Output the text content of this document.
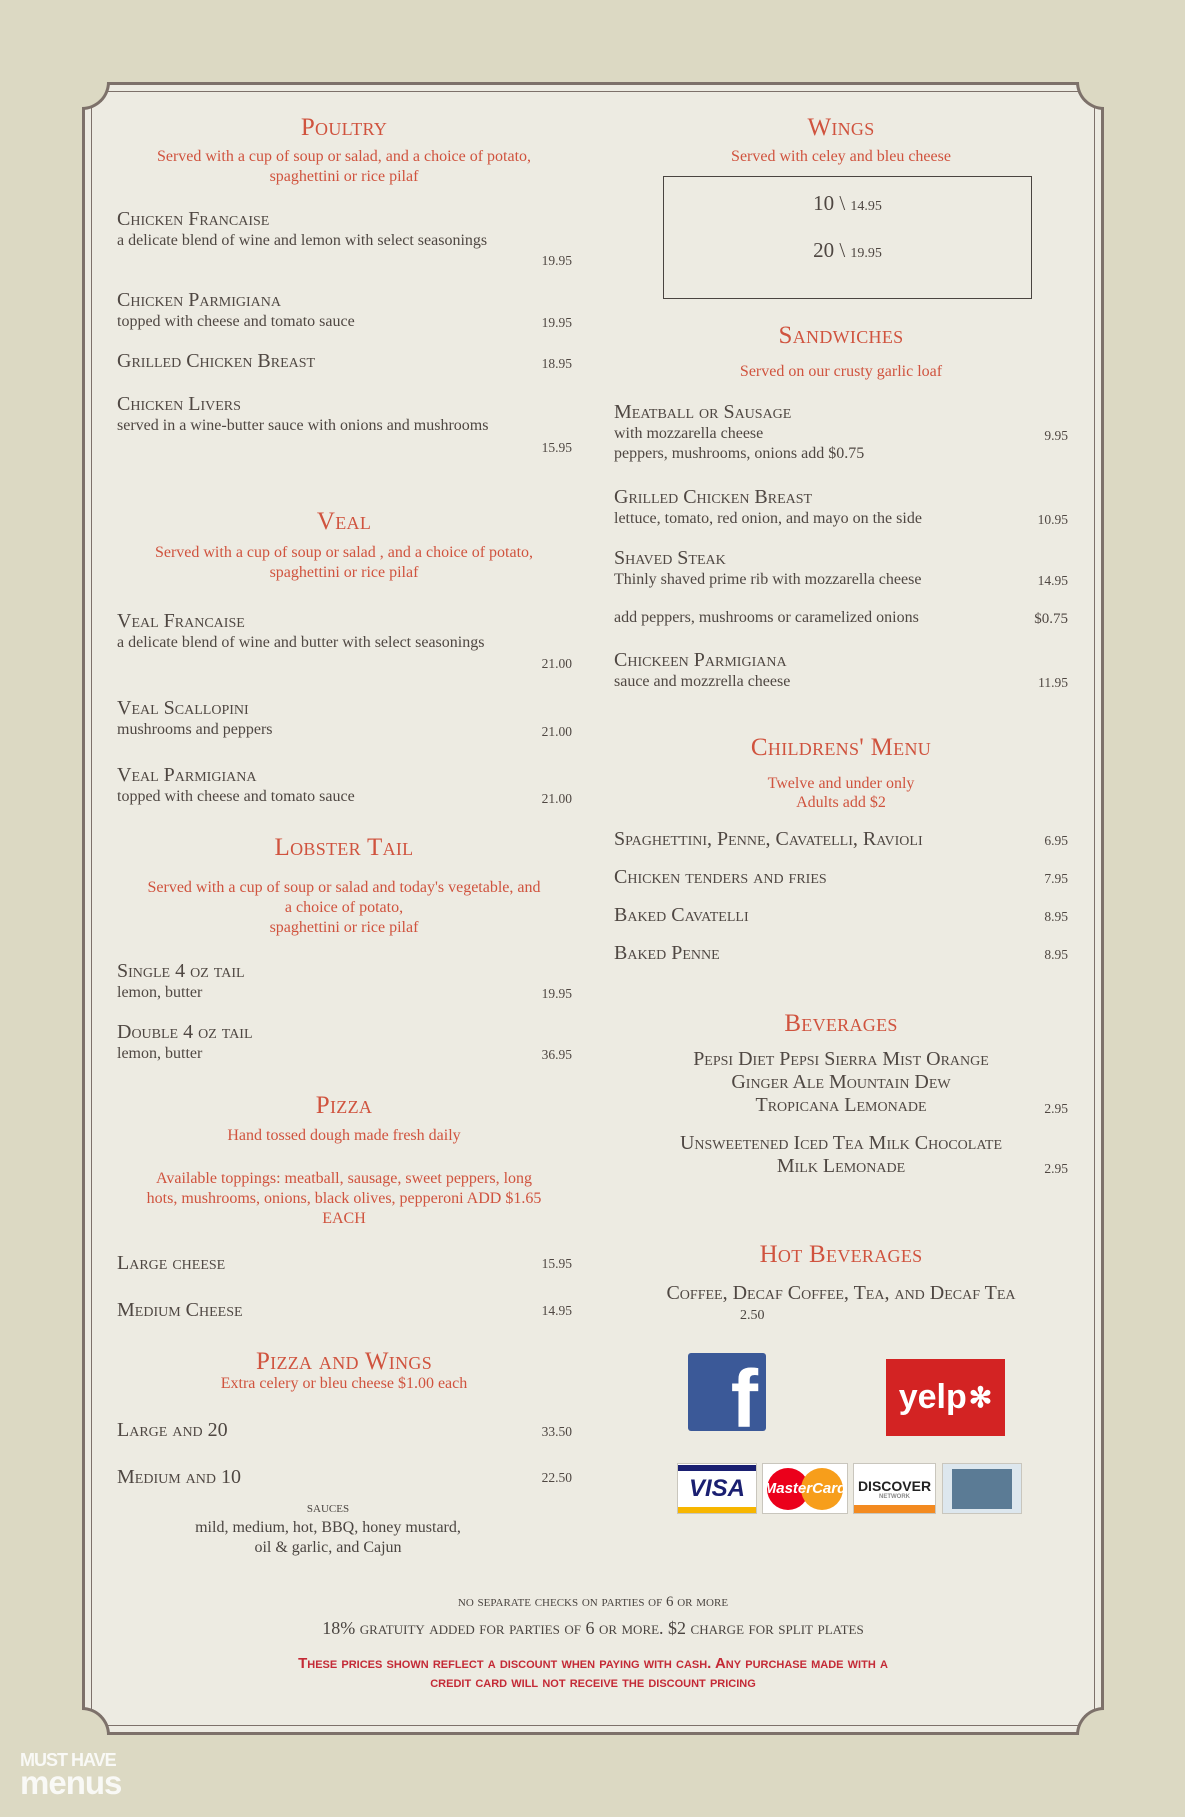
Poultry
Served with a cup of soup or salad, and a choice of potato,
spaghettini or rice pilaf
Chicken Francaise
a delicate blend of wine and lemon with select seasonings
19.95
Chicken Parmigiana
topped with cheese and tomato sauce	19.95
Grilled Chicken Breast	18.95
Chicken Livers
served in a wine-butter sauce with onions and mushrooms
15.95
Veal
Served with a cup of soup or salad , and a choice of potato,
spaghettini or rice pilaf
Veal Francaise
a delicate blend of wine and butter with select seasonings
21.00
Veal Scallopini
mushrooms and peppers	21.00
Veal Parmigiana
topped with cheese and tomato sauce	21.00
Lobster Tail
Served with a cup of soup or salad and today's vegetable, and
a choice of potato,
spaghettini or rice pilaf
Single 4 oz tail
lemon, butter	19.95
Double 4 oz tail
lemon, butter	36.95
Pizza
Hand tossed dough made fresh daily
Available toppings: meatball, sausage, sweet peppers, long
hots, mushrooms, onions, black olives, pepperoni ADD $1.65
EACH
Large cheese	15.95
Medium Cheese	14.95
Pizza and Wings
Extra celery or bleu cheese $1.00 each
Large and 20	33.50
Medium and 10	22.50
sauces
mild, medium, hot, BBQ, honey mustard,
oil & garlic, and Cajun
Wings
Served with celey and bleu cheese
10 \ 14.95
20 \ 19.95
Sandwiches
Served on our crusty garlic loaf
Meatball or Sausage
with mozzarella cheese
peppers, mushrooms, onions add $0.75
9.95
Grilled Chicken Breast
lettuce, tomato, red onion, and mayo on the side	10.95
Shaved Steak
Thinly shaved prime rib with mozzarella cheese	14.95
add peppers, mushrooms or caramelized onions	$0.75
Chickeen Parmigiana
sauce and mozzrella cheese	11.95
Childrens' Menu
Twelve and under only
Adults add $2
Spaghettini, Penne, Cavatelli, Ravioli	6.95
Chicken tenders and fries	7.95
Baked Cavatelli	8.95
Baked Penne	8.95
Beverages
Pepsi Diet Pepsi Sierra Mist Orange
Ginger Ale Mountain Dew
Tropicana Lemonade	2.95
Unsweetened Iced Tea Milk Chocolate
Milk Lemonade	2.95
Hot Beverages
Coffee, Decaf Coffee, Tea, and Decaf Tea
2.50
f	yelp ✻
VISA MasterCard DISCOVER
NETWORK
no separate checks on parties of 6 or more
18% gratuity added for parties of 6 or more. $2 charge for split plates
These prices shown reflect a discount when paying with cash. Any purchase made with a
credit card will not receive the discount pricing
MUST HAVE
menus
